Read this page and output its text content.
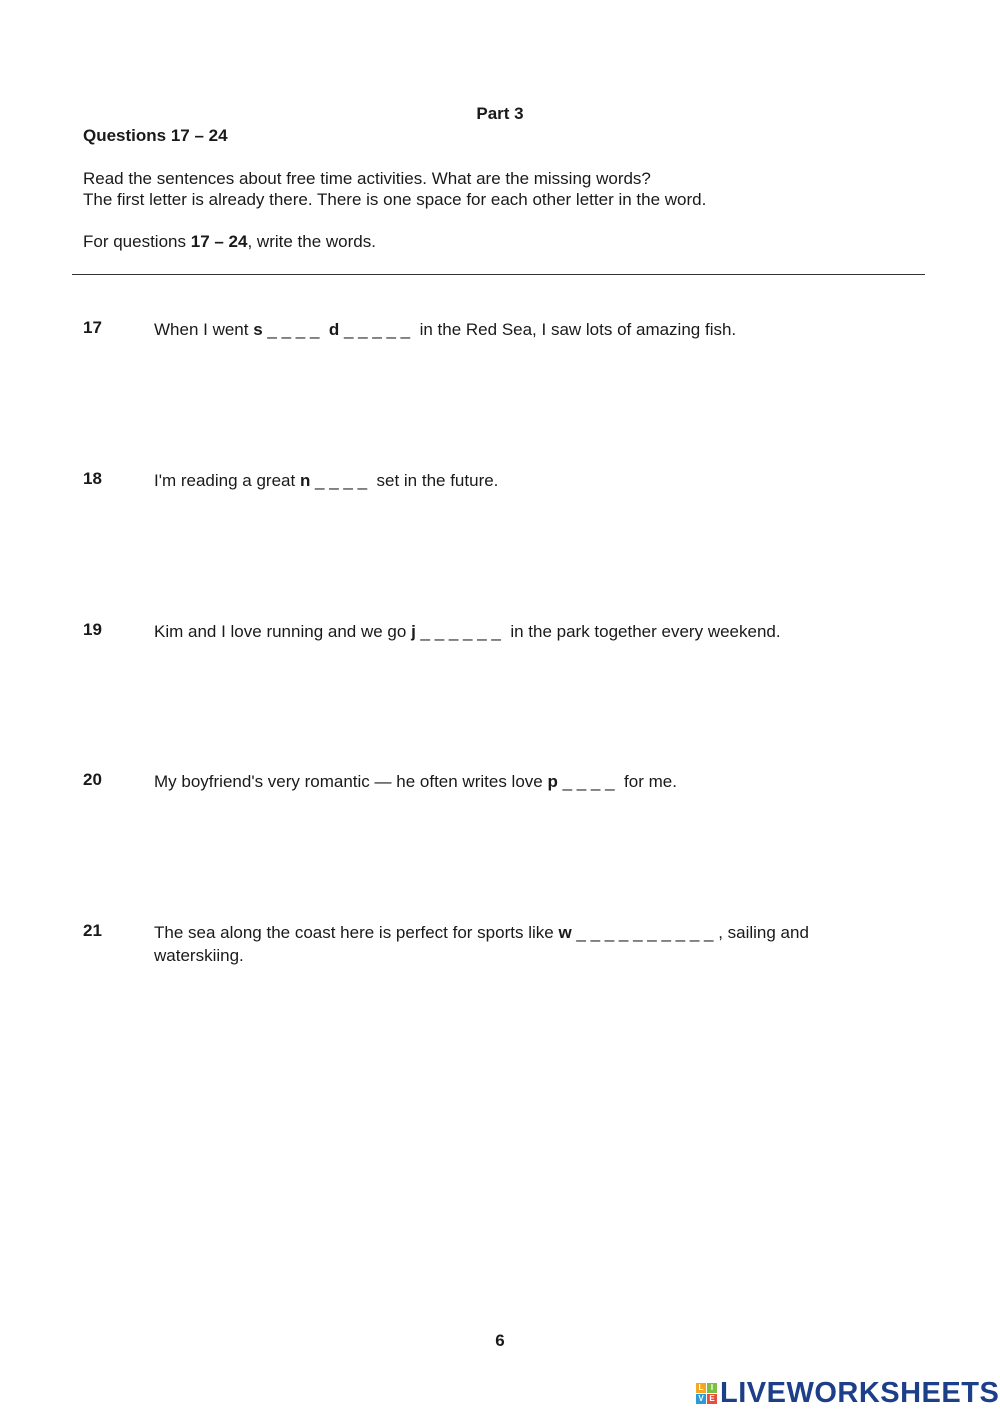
Part 3
Questions 17 – 24
Read the sentences about free time activities. What are the missing words?
The first letter is already there. There is one space for each other letter in the word.
For questions 17 – 24, write the words.
17	When I went s _ _ _ _  d _ _ _ _ _  in the Red Sea, I saw lots of amazing fish.
18	I'm reading a great n _ _ _ _  set in the future.
19	Kim and I love running and we go j _ _ _ _ _ _  in the park together every weekend.
20	My boyfriend's very romantic — he often writes love p _ _ _ _  for me.
21	The sea along the coast here is perfect for sports like w _ _ _ _ _ _ _ _ _ _ , sailing and waterskiing.
6
L I
V E LIVEWORKSHEETS
